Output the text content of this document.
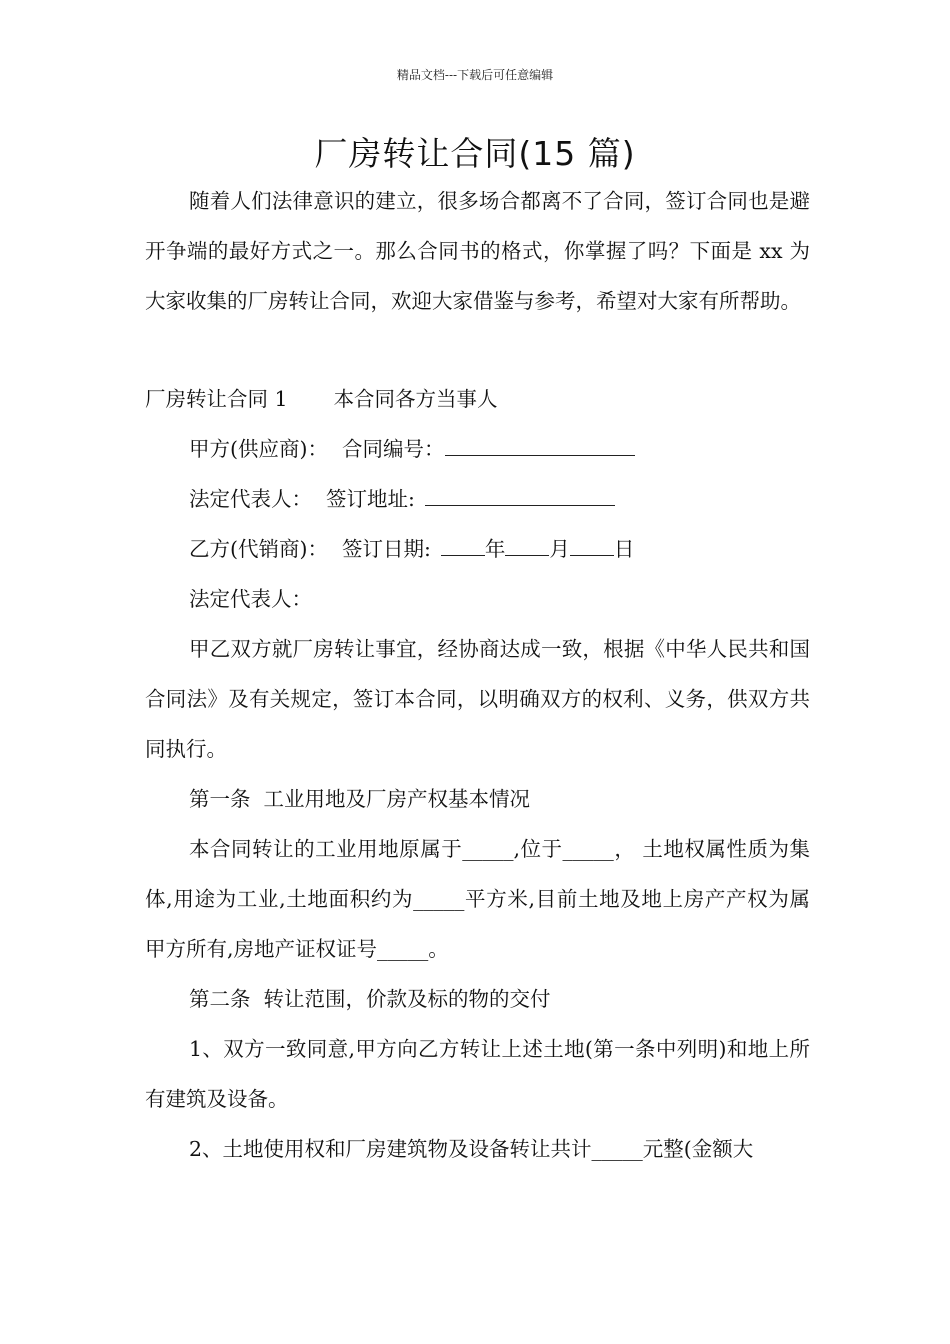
精品文档---下载后可任意编辑
厂房转让合同(15 篇)

随着人们法律意识的建立，很多场合都离不了合同，签订合同也是避开争端的最好方式之一。那么合同书的格式，你掌握了吗？下面是 xx 为大家收集的厂房转让合同，欢迎大家借鉴与参考，希望对大家有所帮助。

厂房转让合同 1 本合同各方当事人

甲方(供应商)： 合同编号：

法定代表人： 签订地址:

乙方(代销商)： 签订日期:	年 月 日

法定代表人：

甲乙双方就厂房转让事宜，经协商达成一致，根据《中华人民共和国合同法》及有关规定，签订本合同，以明确双方的权利、义务，供双方共同执行。

第一条  工业用地及厂房产权基本情况

本合同转让的工业用地原属于_____,位于_____， 土地权属性质为集体,用途为工业,土地面积约为_____平方米,目前土地及地上房产产权为属甲方所有,房地产证权证号_____。

第二条  转让范围，价款及标的物的交付

1、双方一致同意,甲方向乙方转让上述土地(第一条中列明)和地上所有建筑及设备。

2、土地使用权和厂房建筑物及设备转让共计_____元整(金额大
